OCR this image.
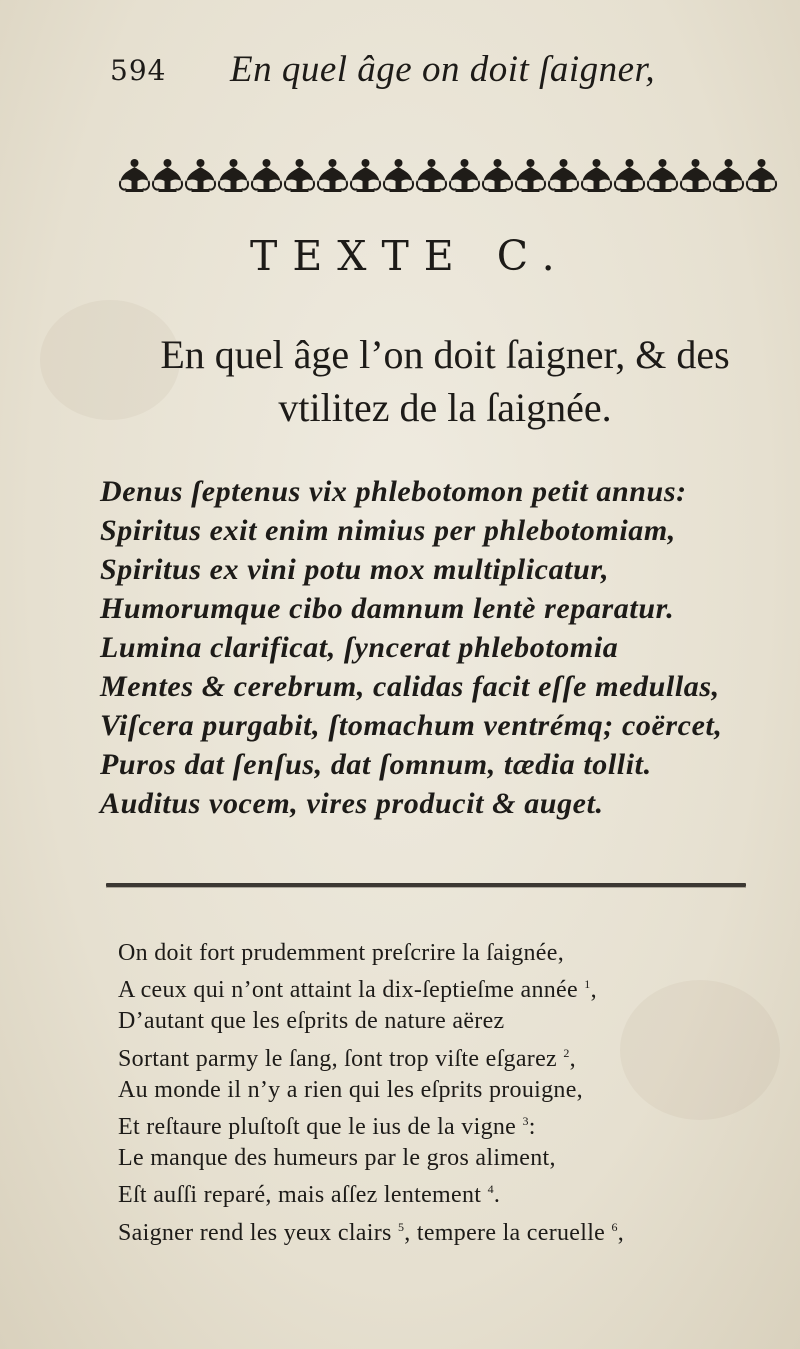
594 En quel âge on doit ſaigner,
TEXTE C.
En quel âge l’on doit ſaigner, & des
vtilitez de la ſaignée.
Denus ſeptenus vix phlebotomon petit annus:
Spiritus exit enim nimius per phlebotomiam,
Spiritus ex vini potu mox multiplicatur,
Humorumque cibo damnum lentè reparatur.
Lumina clarificat, ſyncerat phlebotomia
Mentes & cerebrum, calidas facit eſſe medullas,
Viſcera purgabit, ſtomachum ventrémq; coërcet,
Puros dat ſenſus, dat ſomnum, tædia tollit.
Auditus vocem, vires producit & auget.
On doit fort prudemment preſcrire la ſaignée,
A ceux qui n’ont attaint la dix-ſeptieſme année $^1$,
D’autant que les eſprits de nature aërez
Sortant parmy le ſang, ſont trop viſte eſgarez $^2$,
Au monde il n’y a rien qui les eſprits prouigne,
Et reſtaure pluſtoſt que le ius de la vigne $^3$:
Le manque des humeurs par le gros aliment,
Eſt auſſi reparé, mais aſſez lentement $^4$.
Saigner rend les yeux clairs $^5$, tempere la ceruelle $^6$,
